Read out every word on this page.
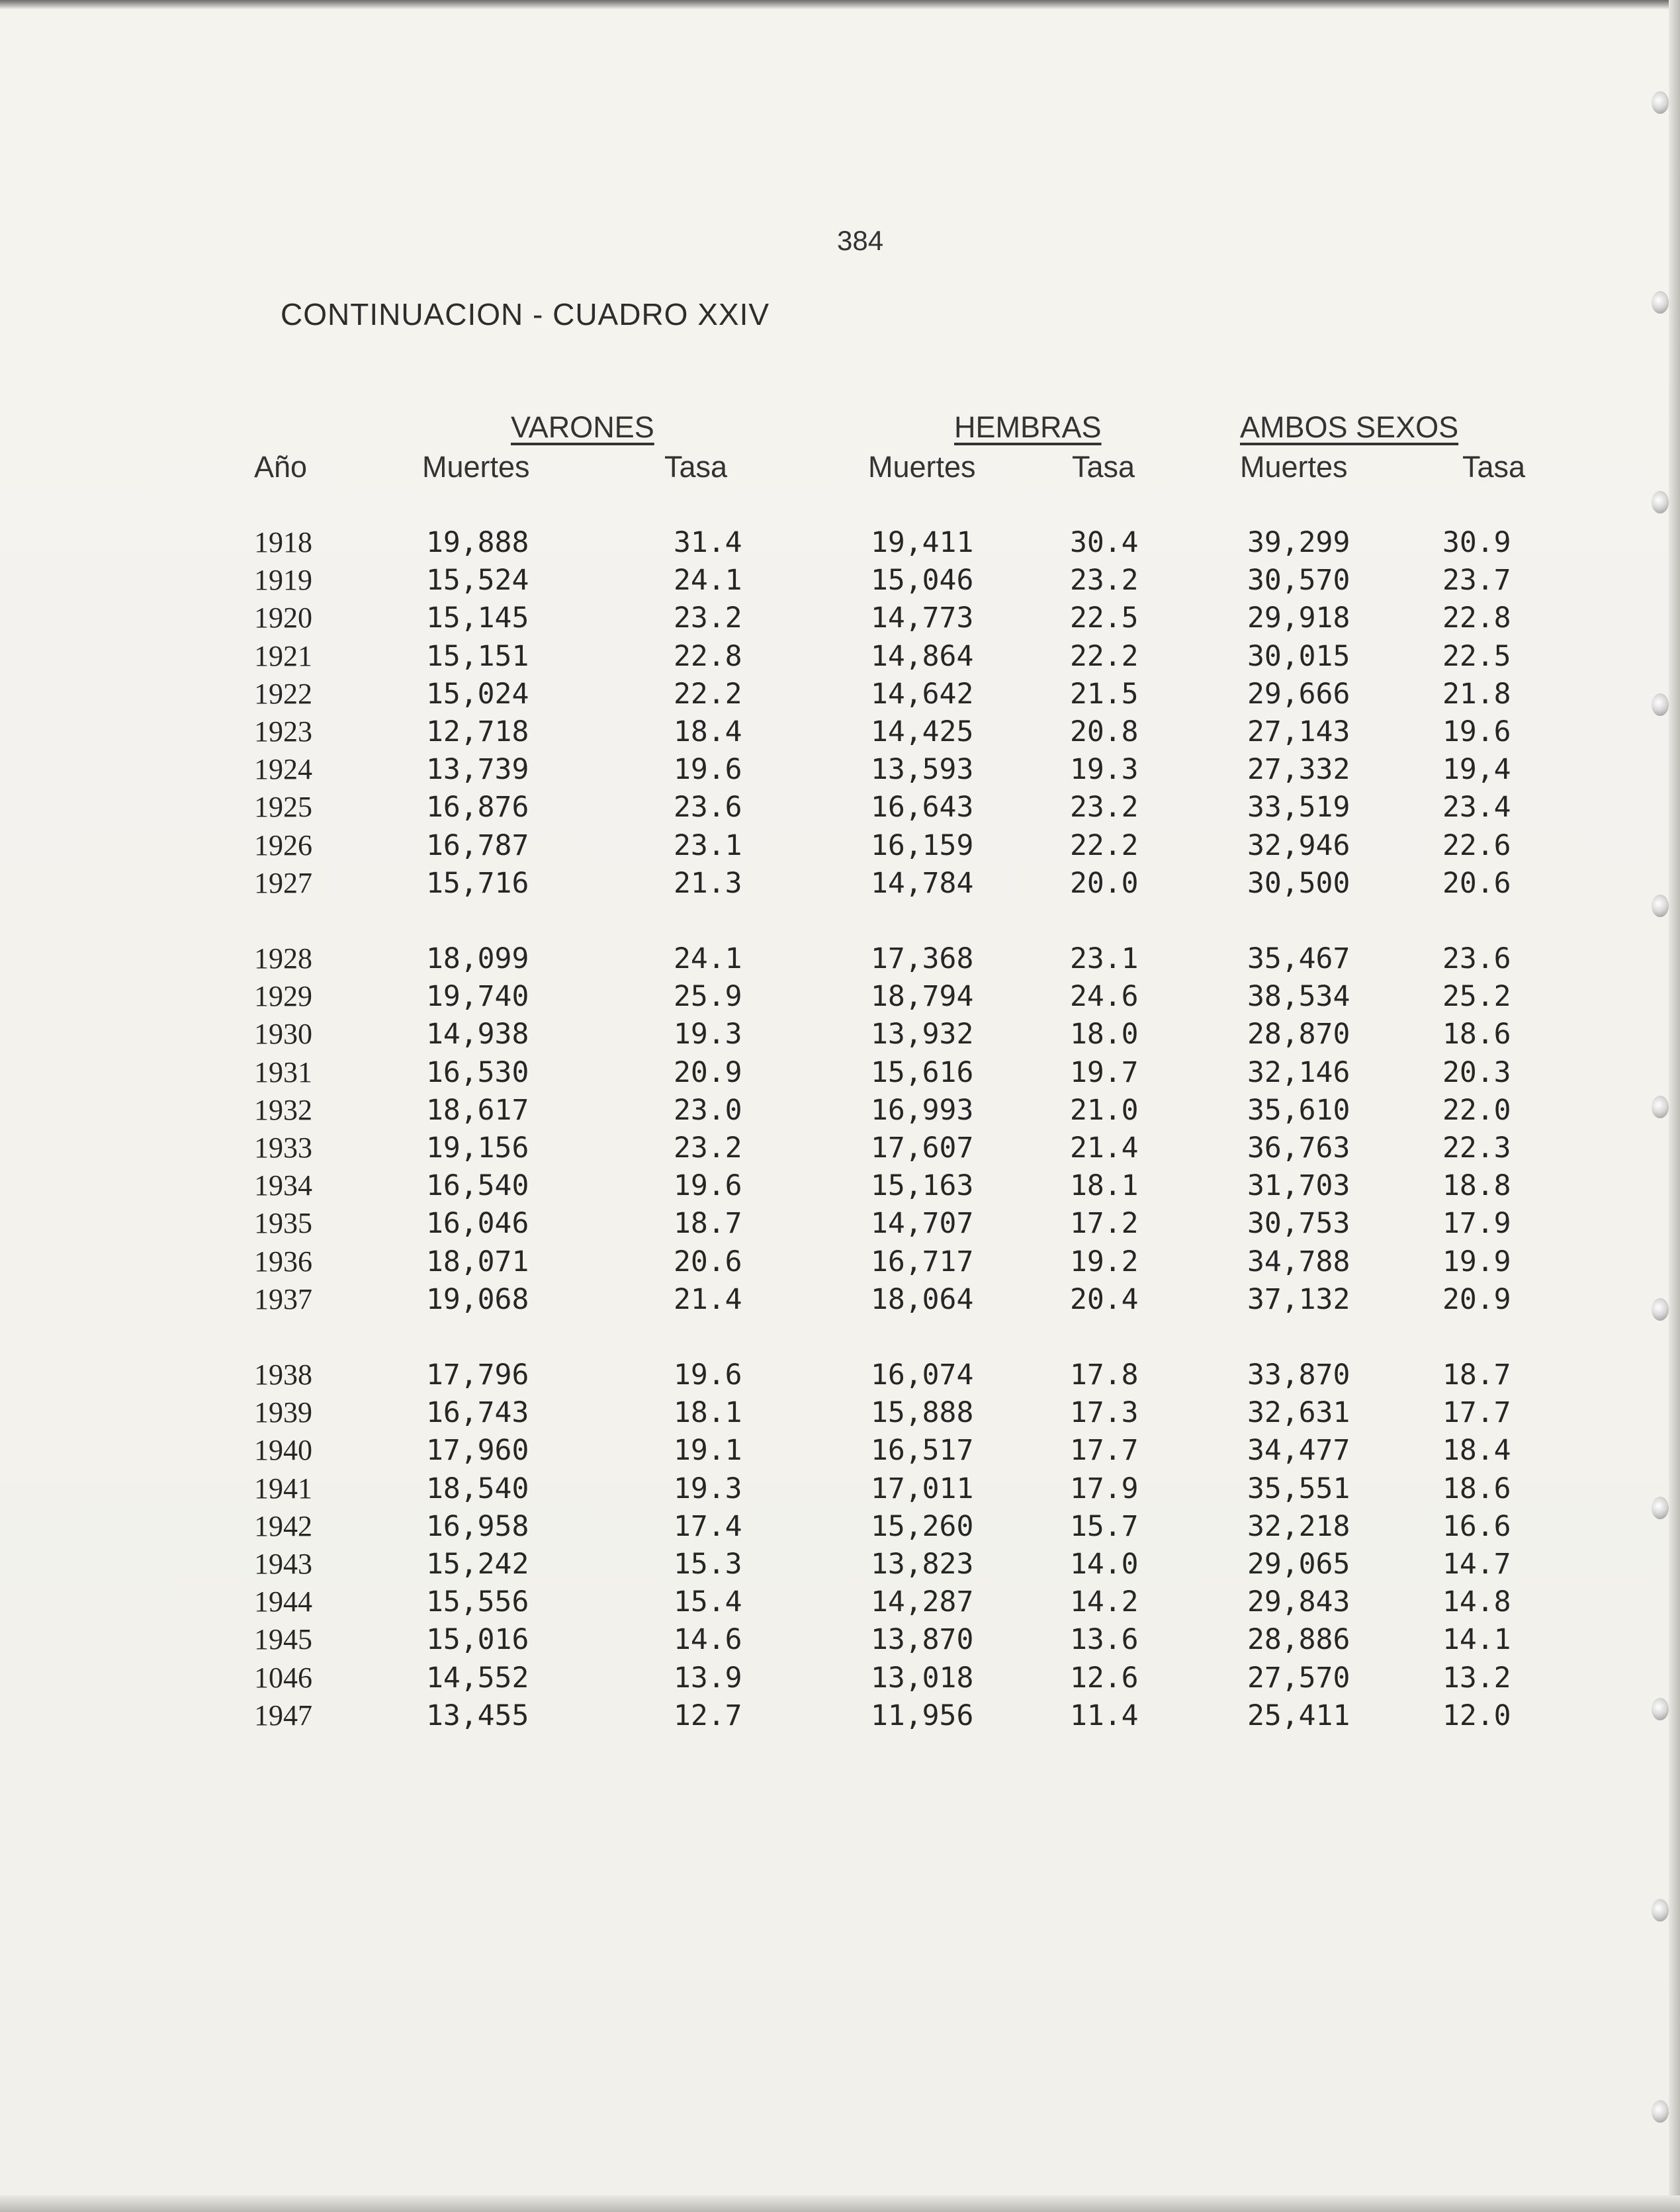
384
CONTINUACION - CUADRO XXIV
VARONES	HEMBRAS	AMBOS SEXOS
Año	Muertes	Tasa	Muertes	Tasa	Muertes	Tasa
1918	19,888	31.4	19,411	30.4	39,299	30.9
1919	15,524	24.1	15,046	23.2	30,570	23.7
1920	15,145	23.2	14,773	22.5	29,918	22.8
1921	15,151	22.8	14,864	22.2	30,015	22.5
1922	15,024	22.2	14,642	21.5	29,666	21.8
1923	12,718	18.4	14,425	20.8	27,143	19.6
1924	13,739	19.6	13,593	19.3	27,332	19,4
1925	16,876	23.6	16,643	23.2	33,519	23.4
1926	16,787	23.1	16,159	22.2	32,946	22.6
1927	15,716	21.3	14,784	20.0	30,500	20.6
1928	18,099	24.1	17,368	23.1	35,467	23.6
1929	19,740	25.9	18,794	24.6	38,534	25.2
1930	14,938	19.3	13,932	18.0	28,870	18.6
1931	16,530	20.9	15,616	19.7	32,146	20.3
1932	18,617	23.0	16,993	21.0	35,610	22.0
1933	19,156	23.2	17,607	21.4	36,763	22.3
1934	16,540	19.6	15,163	18.1	31,703	18.8
1935	16,046	18.7	14,707	17.2	30,753	17.9
1936	18,071	20.6	16,717	19.2	34,788	19.9
1937	19,068	21.4	18,064	20.4	37,132	20.9
1938	17,796	19.6	16,074	17.8	33,870	18.7
1939	16,743	18.1	15,888	17.3	32,631	17.7
1940	17,960	19.1	16,517	17.7	34,477	18.4
1941	18,540	19.3	17,011	17.9	35,551	18.6
1942	16,958	17.4	15,260	15.7	32,218	16.6
1943	15,242	15.3	13,823	14.0	29,065	14.7
1944	15,556	15.4	14,287	14.2	29,843	14.8
1945	15,016	14.6	13,870	13.6	28,886	14.1
1046	14,552	13.9	13,018	12.6	27,570	13.2
1947	13,455	12.7	11,956	11.4	25,411	12.0
